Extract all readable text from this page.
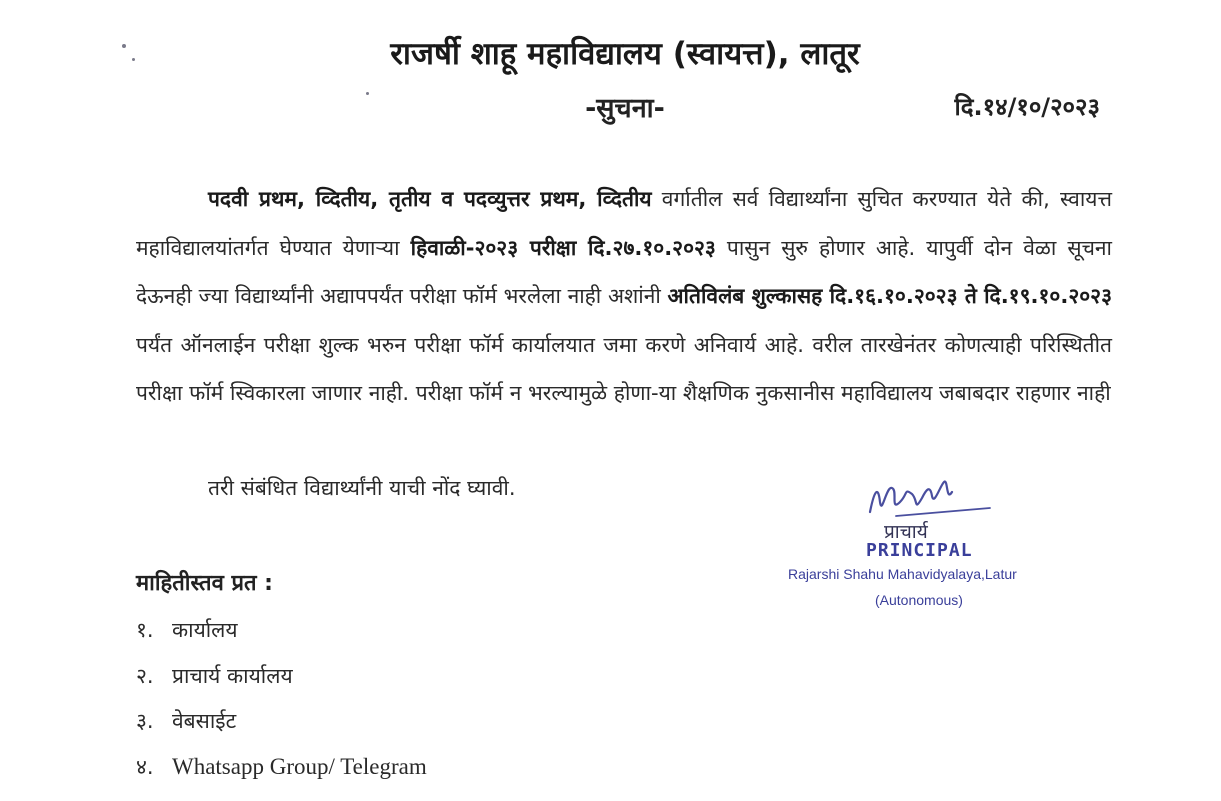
राजर्षी शाहू महाविद्यालय (स्वायत्त), लातूर
-सुचना-	दि.१४/१०/२०२३
पदवी प्रथम, व्दितीय, तृतीय व पदव्युत्तर प्रथम, व्दितीय वर्गातील सर्व विद्यार्थ्यांना सुचित करण्यात येते की, स्वायत्त महाविद्यालयांतर्गत घेण्यात येणाऱ्या हिवाळी-२०२३ परीक्षा दि.२७.१०.२०२३ पासुन सुरु होणार आहे. यापुर्वी दोन वेळा सूचना देऊनही ज्या विद्यार्थ्यांनी अद्यापपर्यंत परीक्षा फॉर्म भरलेला नाही अशांनी अतिविलंब शुल्कासह दि.१६.१०.२०२३ ते दि.१९.१०.२०२३ पर्यंत ऑनलाईन परीक्षा शुल्क भरुन परीक्षा फॉर्म कार्यालयात जमा करणे अनिवार्य आहे. वरील तारखेनंतर कोणत्याही परिस्थितीत परीक्षा फॉर्म स्विकारला जाणार नाही. परीक्षा फॉर्म न भरल्यामुळे होणा-या शैक्षणिक नुकसानीस महाविद्यालय जबाबदार राहणार नाही
तरी संबंधित विद्यार्थ्यांनी याची नोंद घ्यावी.
प्राचार्य
PRINCIPAL
Rajarshi Shahu Mahavidyalaya,Latur
(Autonomous)
माहितीस्तव प्रत :
१. कार्यालय
२. प्राचार्य कार्यालय
३. वेबसाईट
४. Whatsapp Group/ Telegram
